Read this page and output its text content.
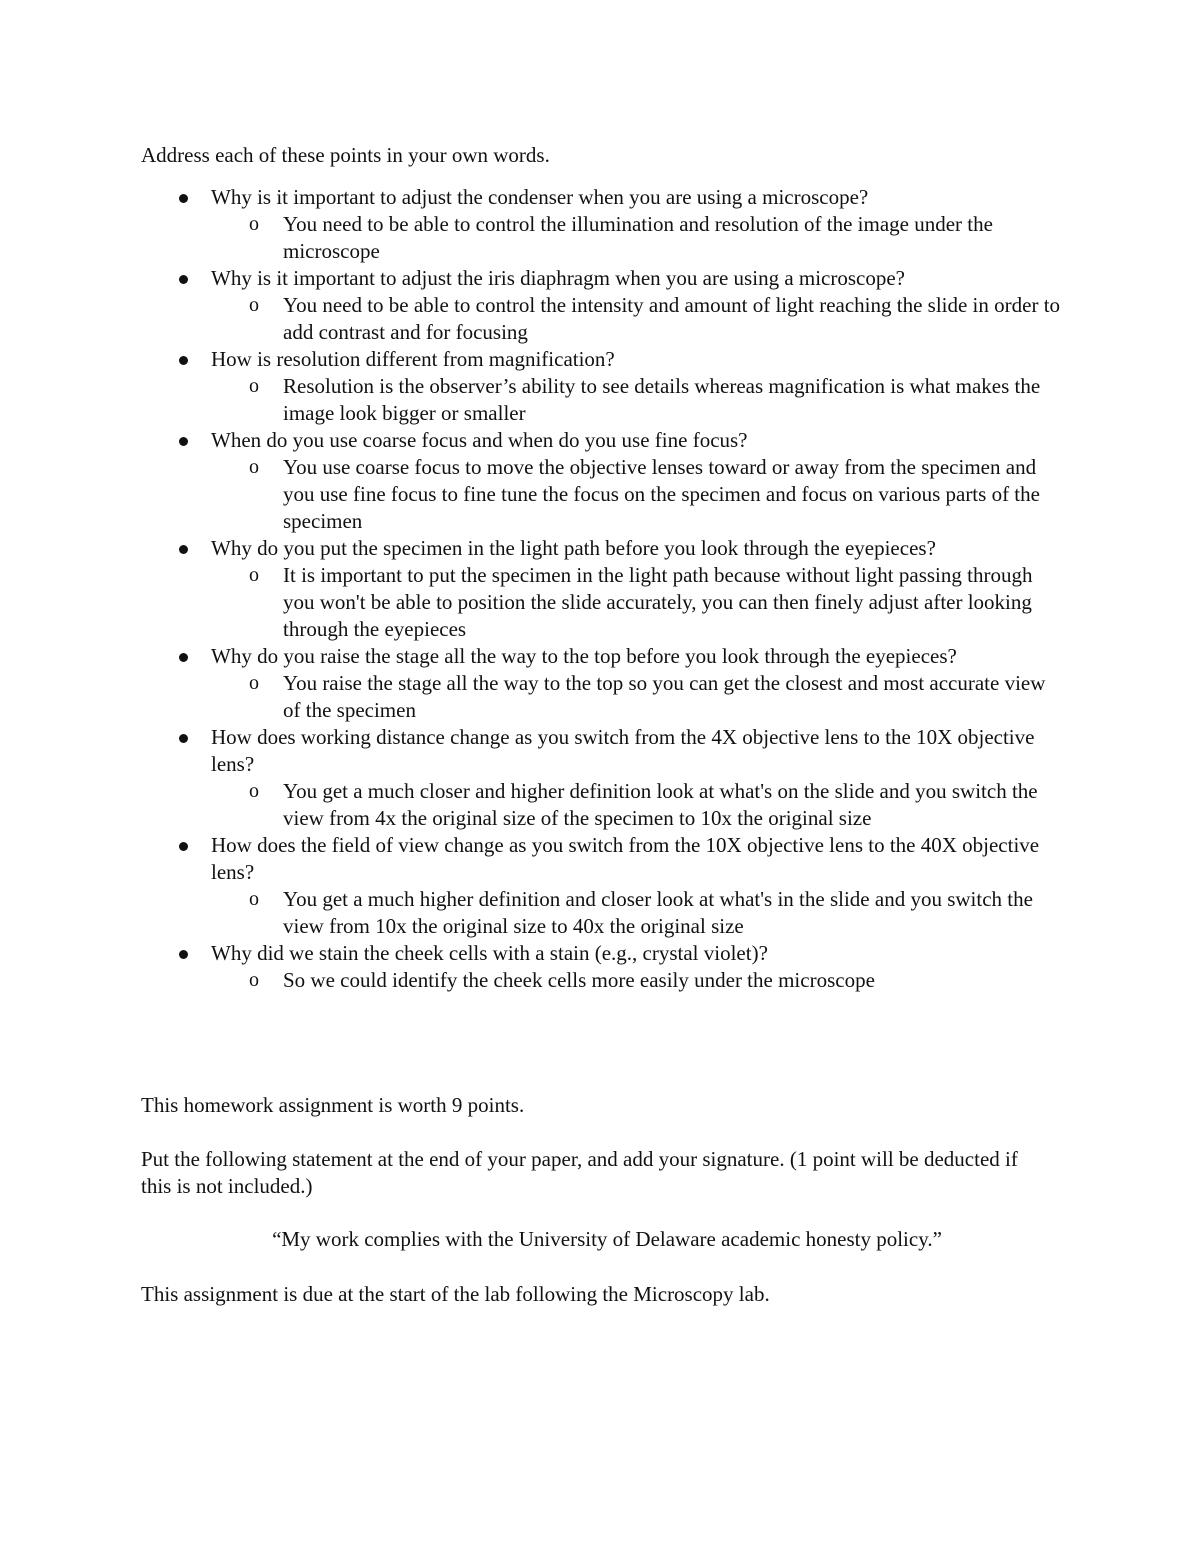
Address each of these points in your own words.

Why is it important to adjust the condenser when you are using a microscope?
o You need to be able to control the illumination and resolution of the image under the microscope
Why is it important to adjust the iris diaphragm when you are using a microscope?
o You need to be able to control the intensity and amount of light reaching the slide in order to add contrast and for focusing
How is resolution different from magnification?
o Resolution is the observer’s ability to see details whereas magnification is what makes the image look bigger or smaller
When do you use coarse focus and when do you use fine focus?
o You use coarse focus to move the objective lenses toward or away from the specimen and you use fine focus to fine tune the focus on the specimen and focus on various parts of the specimen
Why do you put the specimen in the light path before you look through the eyepieces?
o It is important to put the specimen in the light path because without light passing through you won't be able to position the slide accurately, you can then finely adjust after looking through the eyepieces
Why do you raise the stage all the way to the top before you look through the eyepieces?
o You raise the stage all the way to the top so you can get the closest and most accurate view of the specimen
How does working distance change as you switch from the 4X objective lens to the 10X objective lens?
o You get a much closer and higher definition look at what's on the slide and you switch the view from 4x the original size of the specimen to 10x the original size
How does the field of view change as you switch from the 10X objective lens to the 40X objective lens?
o You get a much higher definition and closer look at what's in the slide and you switch the view from 10x the original size to 40x the original size
Why did we stain the cheek cells with a stain (e.g., crystal violet)?
o So we could identify the cheek cells more easily under the microscope

This homework assignment is worth 9 points.

Put the following statement at the end of your paper, and add your signature. (1 point will be deducted if this is not included.)

“My work complies with the University of Delaware academic honesty policy.”

This assignment is due at the start of the lab following the Microscopy lab.
